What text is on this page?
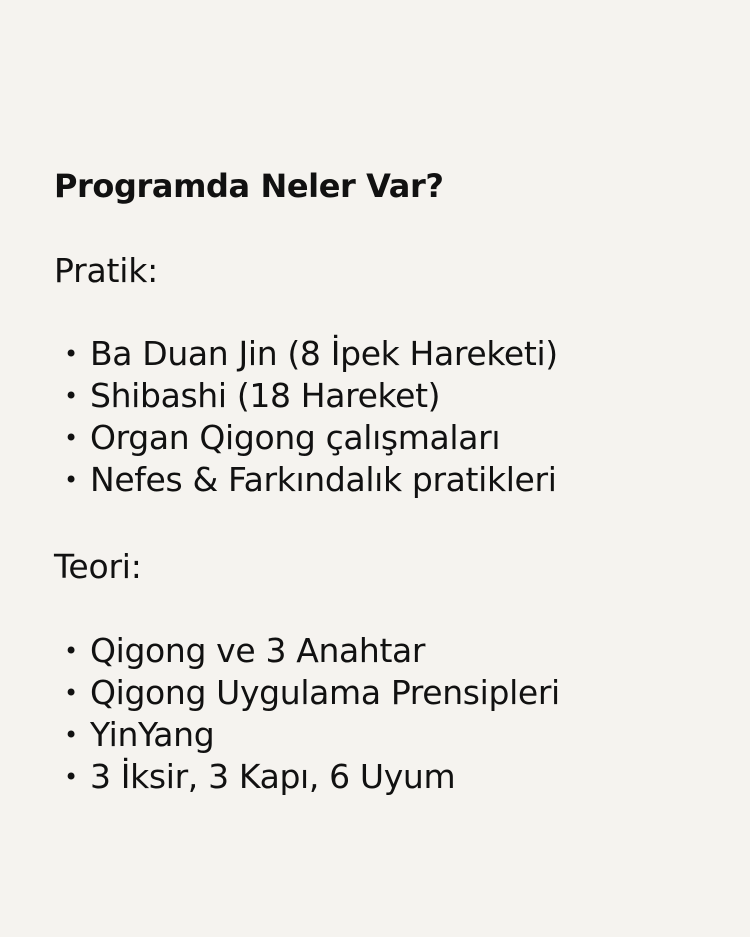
Programda Neler Var?
Pratik:
• Ba Duan Jin (8 İpek Hareketi)
• Shibashi (18 Hareket)
• Organ Qigong çalışmaları
• Nefes & Farkındalık pratikleri
Teori:
• Qigong ve 3 Anahtar
• Qigong Uygulama Prensipleri
• YinYang
• 3 İksir, 3 Kapı, 6 Uyum
